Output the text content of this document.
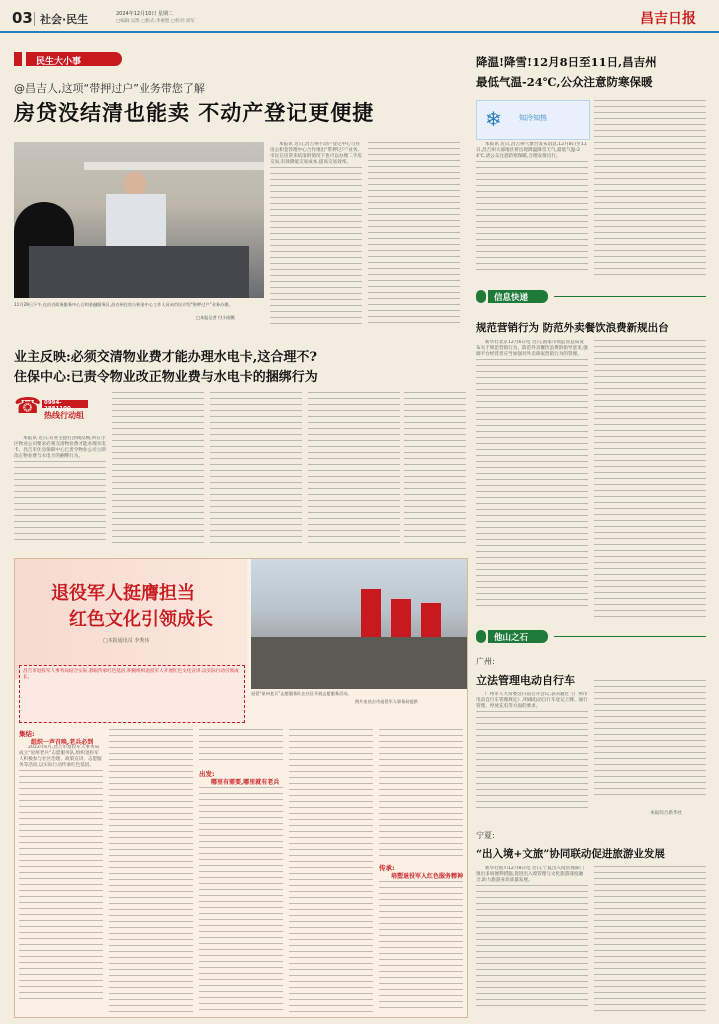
03 社会·民生	2024年12月10日 星期二
□编辑:吴凯 □版式:李俊程 □校对:刘军	昌吉日报
民生大小事
@昌吉人,这项“带押过户”业务带您了解
房贷没结清也能卖 不动产登记更便捷
11月29日下午,在昌吉政务服务中心合和金融服务区,昌吉州住房公积金中心工作人员向市民介绍“带押过户”业务办理。
□本报记者 付小刚摄

本报讯 近日,昌吉州不动产登记中心与住房公积金管理中心合作推出“带押过户”业务,市民在房贷未结清的情况下也可以办理二手房交易,有效降低交易成本,提高交易效率。

降温!降雪!12月8日至11日,昌吉州
最低气温-24℃,公众注意防寒保暖
❄ 知冷知热

本报讯 近日,昌吉州气象台发布消息,12月8日至11日,昌吉州大部地区将出现降温降雪天气,最低气温-24℃,请公众注意防寒保暖,合理安排出行。

信息快递
规范营销行为 防范外卖餐饮浪费新规出台

新华社北京12月6日电 近日,国家市场监管总局发布关于规范营销行为、防范外卖餐饮浪费的指导意见,强调平台经营者应当加强对外卖商家营销行为的管理。

业主反映:必须交清物业费才能办理水电卡,这合理不?
住保中心:已责令物业改正物业费与水电卡的捆绑行为
☎ 0994-2881100
热线行动组

本报讯 近日,有业主拨打热线反映,所在小区物业公司要求必须交清物业费才能办理水电卡。昌吉市住房保障中心已责令物业公司立即改正物业费与水电卡的捆绑行为。

退役军人挺膺担当
红色文化引领成长
□本报通讯员 李秀伟
昌吉市退役军人事务局结合实际,着眼传承红色基因,积极组织退役军人开展红色文化宣讲,以实际行动引领成长。
退役“星州老兵”志愿服务队在社区开展志愿服务活动。
图片由昌吉市退役军人事务局提供
集结:
组织一声召唤,老兵必到

2023年6月,昌吉市退役军人事务局成立“星州老兵”志愿服务队,组织退役军人积极参与社区治理、政策宣讲、志愿服务等活动,以实际行动传承红色基因。

出发:
哪里有需要,哪里就有老兵
传承:
培塑退役军人红色服务精神
他山之石
广州:
立法管理电动自行车

广州市人大常委会日前召开会议,表决通过《广州市电动自行车管理规定》,明确电动自行车登记上牌、通行管理、停放充电等方面的要求。

本报综合新华社
宁夏:
“出入境+文旅”协同联动促进旅游业发展

新华社银川12月8日电 近日,宁夏出入境管理部门推出多项便利措施,促进出入境管理与文化旅游深度融合,助力旅游业高质量发展。
